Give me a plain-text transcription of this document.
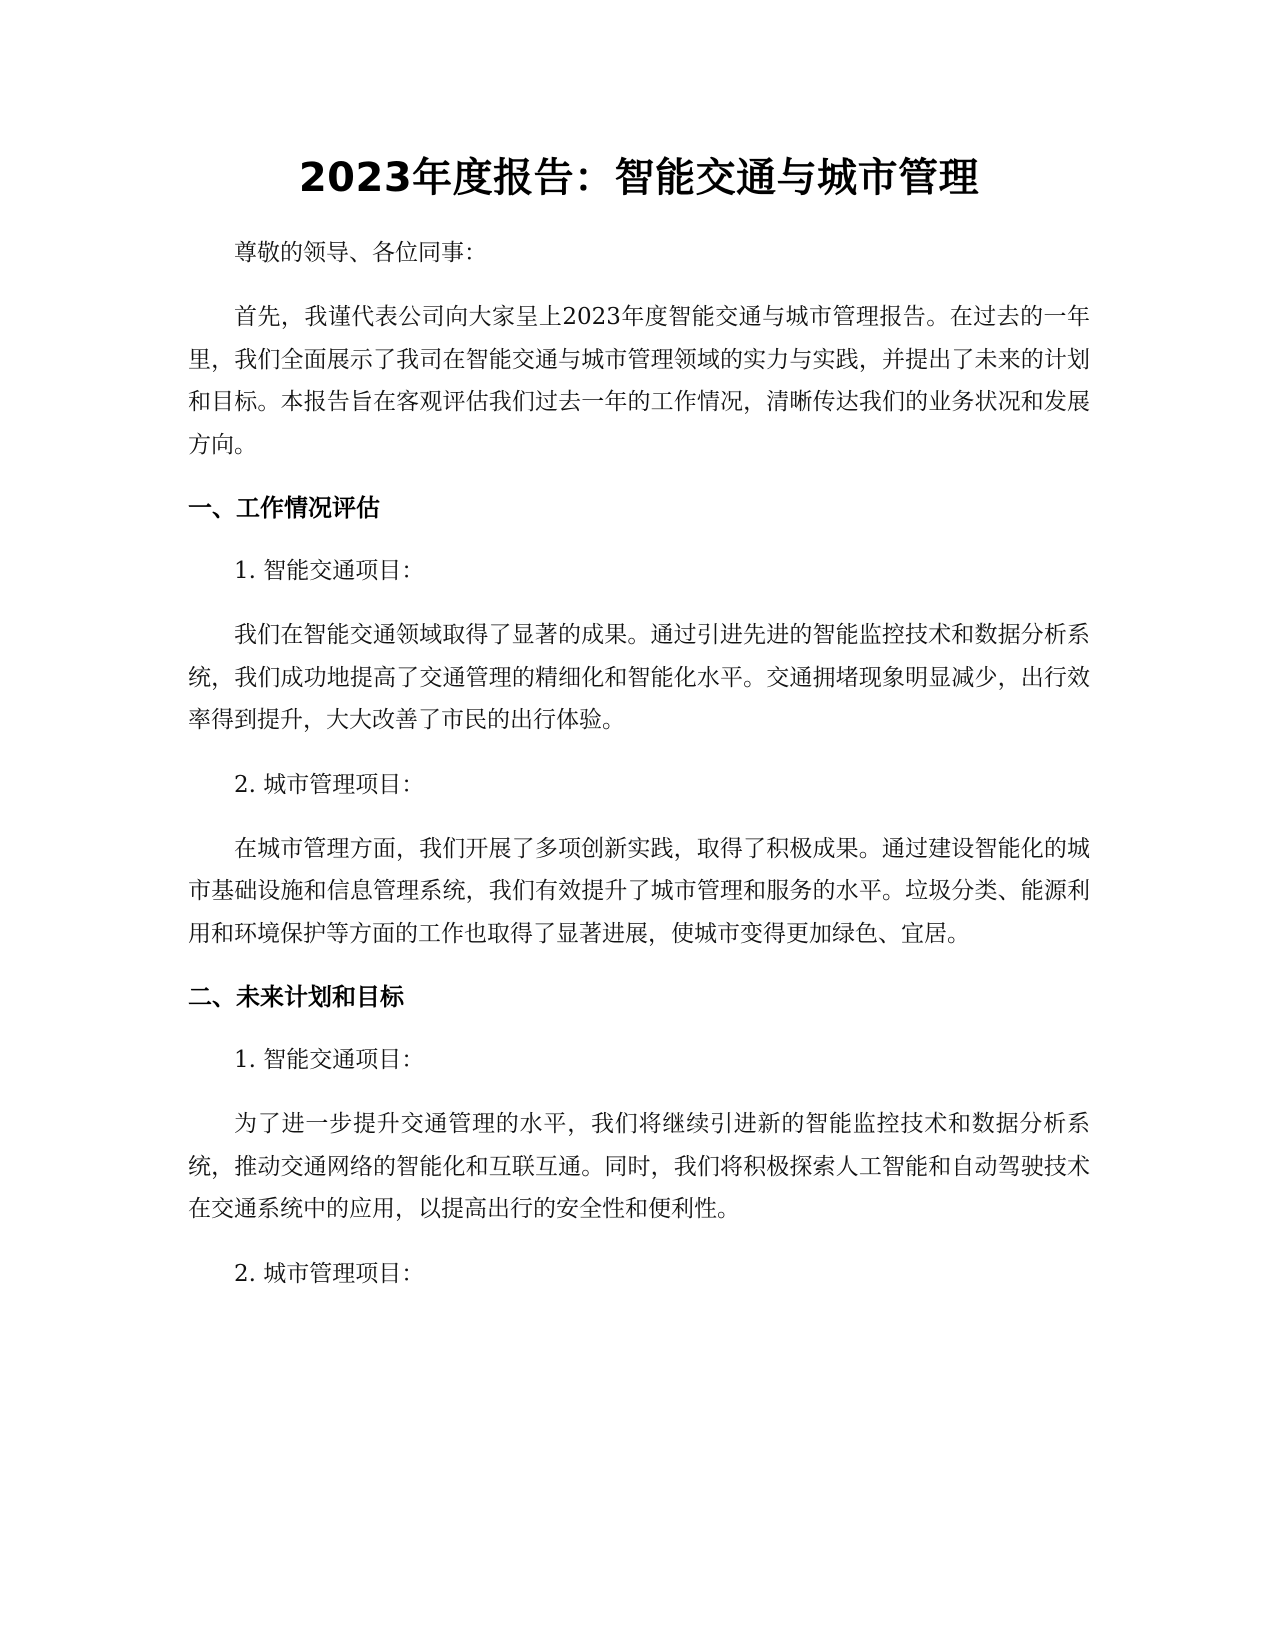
2023年度报告：智能交通与城市管理

尊敬的领导、各位同事：

首先，我谨代表公司向大家呈上2023年度智能交通与城市管理报告。在过去的一年里，我们全面展示了我司在智能交通与城市管理领域的实力与实践，并提出了未来的计划和目标。本报告旨在客观评估我们过去一年的工作情况，清晰传达我们的业务状况和发展方向。

一、工作情况评估

1. 智能交通项目：

我们在智能交通领域取得了显著的成果。通过引进先进的智能监控技术和数据分析系统，我们成功地提高了交通管理的精细化和智能化水平。交通拥堵现象明显减少，出行效率得到提升，大大改善了市民的出行体验。

2. 城市管理项目：

在城市管理方面，我们开展了多项创新实践，取得了积极成果。通过建设智能化的城市基础设施和信息管理系统，我们有效提升了城市管理和服务的水平。垃圾分类、能源利用和环境保护等方面的工作也取得了显著进展，使城市变得更加绿色、宜居。

二、未来计划和目标

1. 智能交通项目：

为了进一步提升交通管理的水平，我们将继续引进新的智能监控技术和数据分析系统，推动交通网络的智能化和互联互通。同时，我们将积极探索人工智能和自动驾驶技术在交通系统中的应用，以提高出行的安全性和便利性。

2. 城市管理项目：
